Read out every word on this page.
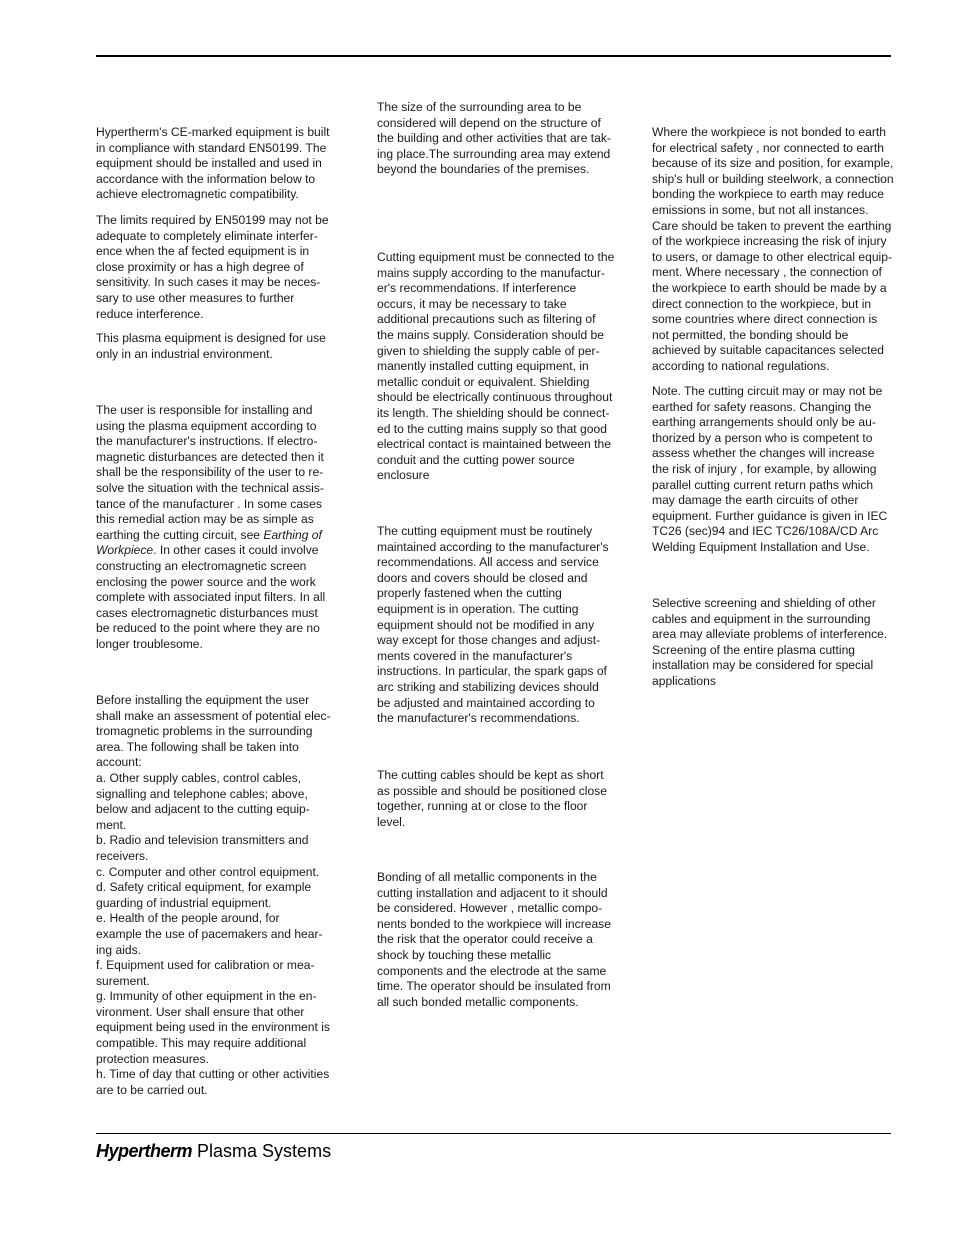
Hypertherm's CE-marked equipment is built
in compliance with standard EN50199. The
equipment should be installed and used in
accordance with the information below to
achieve electromagnetic compatibility.

The limits required by EN50199 may not be
adequate to completely eliminate interfer-
ence when the af fected equipment is in
close proximity or has a high degree of
sensitivity. In such cases it may be neces-
sary to use other measures to further
reduce interference.

This plasma equipment is designed for use
only in an industrial environment.

The user is responsible for installing and
using the plasma equipment according to
the manufacturer's instructions. If electro-
magnetic disturbances are detected then it
shall be the responsibility of the user to re-
solve the situation with the technical assis-
tance of the manufacturer . In some cases
this remedial action may be as simple as
earthing the cutting circuit, see Earthing of
Workpiece. In other cases it could involve
constructing an electromagnetic screen
enclosing the power source and the work
complete with associated input filters. In all
cases electromagnetic disturbances must
be reduced to the point where they are no
longer troublesome.

Before installing the equipment the user
shall make an assessment of potential elec-
tromagnetic problems in the surrounding
area. The following shall be taken into
account:
a. Other supply cables, control cables,
signalling and telephone cables; above,
below and adjacent to the cutting equip-
ment.
b. Radio and television transmitters and
receivers.
c. Computer and other control equipment.
d. Safety critical equipment, for example
guarding of industrial equipment.
e. Health of the people around, for
example the use of pacemakers and hear-
ing aids.
f. Equipment used for calibration or mea-
surement.
g. Immunity of other equipment in the en-
vironment. User shall ensure that other
equipment being used in the environment is
compatible. This may require additional
protection measures.
h. Time of day that cutting or other activities
are to be carried out.

The size of the surrounding area to be
considered will depend on the structure of
the building and other activities that are tak-
ing place.The surrounding area may extend
beyond the boundaries of the premises.

Cutting equipment must be connected to the
mains supply according to the manufactur-
er's recommendations. If interference
occurs, it may be necessary to take
additional precautions such as filtering of
the mains supply. Consideration should be
given to shielding the supply cable of per-
manently installed cutting equipment, in
metallic conduit or equivalent. Shielding
should be electrically continuous throughout
its length. The shielding should be connect-
ed to the cutting mains supply so that good
electrical contact is maintained between the
conduit and the cutting power source
enclosure

The cutting equipment must be routinely
maintained according to the manufacturer's
recommendations. All access and service
doors and covers should be closed and
properly fastened when the cutting
equipment is in operation. The cutting
equipment should not be modified in any
way except for those changes and adjust-
ments covered in the manufacturer's
instructions. In particular, the spark gaps of
arc striking and stabilizing devices should
be adjusted and maintained according to
the manufacturer's recommendations.

The cutting cables should be kept as short
as possible and should be positioned close
together, running at or close to the floor
level.

Bonding of all metallic components in the
cutting installation and adjacent to it should
be considered. However , metallic compo-
nents bonded to the workpiece will increase
the risk that the operator could receive a
shock by touching these metallic
components and the electrode at the same
time. The operator should be insulated from
all such bonded metallic components.

Where the workpiece is not bonded to earth
for electrical safety , nor connected to earth
because of its size and position, for example,
ship's hull or building steelwork, a connection
bonding the workpiece to earth may reduce
emissions in some, but not all instances.
Care should be taken to prevent the earthing
of the workpiece increasing the risk of injury
to users, or damage to other electrical equip-
ment. Where necessary , the connection of
the workpiece to earth should be made by a
direct connection to the workpiece, but in
some countries where direct connection is
not permitted, the bonding should be
achieved by suitable capacitances selected
according to national regulations.

Note. The cutting circuit may or may not be
earthed for safety reasons. Changing the
earthing arrangements should only be au-
thorized by a person who is competent to
assess whether the changes will increase
the risk of injury , for example, by allowing
parallel cutting current return paths which
may damage the earth circuits of other
equipment. Further guidance is given in IEC
TC26 (sec)94 and IEC TC26/108A/CD Arc
Welding Equipment Installation and Use.

Selective screening and shielding of other
cables and equipment in the surrounding
area may alleviate problems of interference.
Screening of the entire plasma cutting
installation may be considered for special
applications

Hypertherm Plasma Systems
